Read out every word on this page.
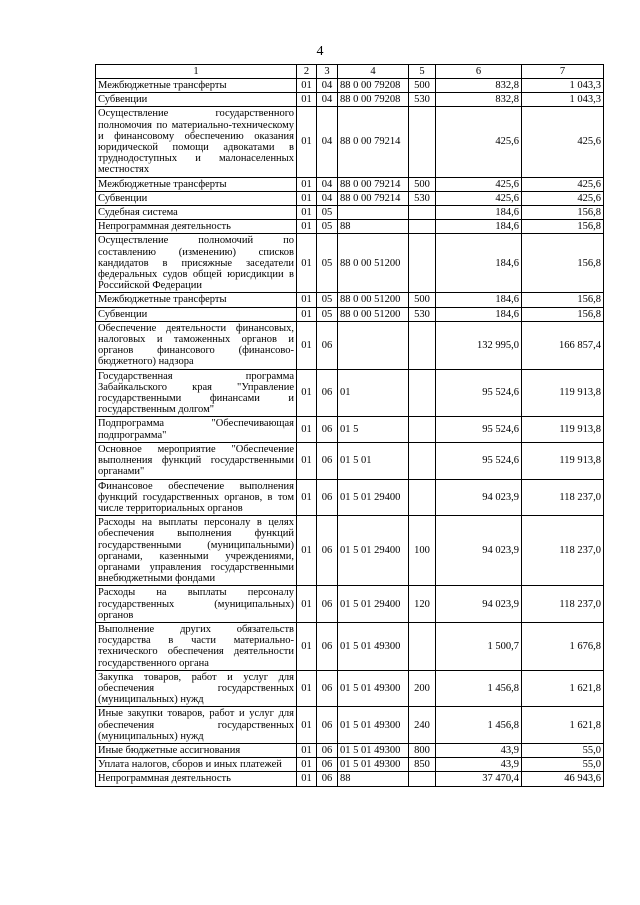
4
1	2	3	4	5	6	7
Межбюджетные трансферты	01	04	88 0 00 79208	500	832,8	1 043,3
Субвенции	01	04	88 0 00 79208	530	832,8	1 043,3
Осуществление государственного полномочия по материально-техническому и финансовому обеспечению оказания юридической помощи адвокатами в труднодоступных и малонаселенных местностях	01	04	88 0 00 79214		425,6	425,6
Межбюджетные трансферты	01	04	88 0 00 79214	500	425,6	425,6
Субвенции	01	04	88 0 00 79214	530	425,6	425,6
Судебная система	01	05			184,6	156,8
Непрограммная деятельность	01	05	88		184,6	156,8
Осуществление полномочий по составлению (изменению) списков кандидатов в присяжные заседатели федеральных судов общей юрисдикции в Российской Федерации	01	05	88 0 00 51200		184,6	156,8
Межбюджетные трансферты	01	05	88 0 00 51200	500	184,6	156,8
Субвенции	01	05	88 0 00 51200	530	184,6	156,8
Обеспечение деятельности финансовых, налоговых и таможенных органов и органов финансового (финансово-бюджетного) надзора	01	06			132 995,0	166 857,4
Государственная программа Забайкальского края "Управление государственными финансами и государственным долгом"	01	06	01		95 524,6	119 913,8
Подпрограмма "Обеспечивающая подпрограмма"	01	06	01 5		95 524,6	119 913,8
Основное мероприятие "Обеспечение выполнения функций государственными органами"	01	06	01 5 01		95 524,6	119 913,8
Финансовое обеспечение выполнения функций государственных органов, в том числе территориальных органов	01	06	01 5 01 29400		94 023,9	118 237,0
Расходы на выплаты персоналу в целях обеспечения выполнения функций государственными (муниципальными) органами, казенными учреждениями, органами управления государственными внебюджетными фондами	01	06	01 5 01 29400	100	94 023,9	118 237,0
Расходы на выплаты персоналу государственных (муниципальных) органов	01	06	01 5 01 29400	120	94 023,9	118 237,0
Выполнение других обязательств государства в части материально-технического обеспечения деятельности государственного органа	01	06	01 5 01 49300		1 500,7	1 676,8
Закупка товаров, работ и услуг для обеспечения государственных (муниципальных) нужд	01	06	01 5 01 49300	200	1 456,8	1 621,8
Иные закупки товаров, работ и услуг для обеспечения государственных (муниципальных) нужд	01	06	01 5 01 49300	240	1 456,8	1 621,8
Иные бюджетные ассигнования	01	06	01 5 01 49300	800	43,9	55,0
Уплата налогов, сборов и иных платежей	01	06	01 5 01 49300	850	43,9	55,0
Непрограммная деятельность	01	06	88		37 470,4	46 943,6
